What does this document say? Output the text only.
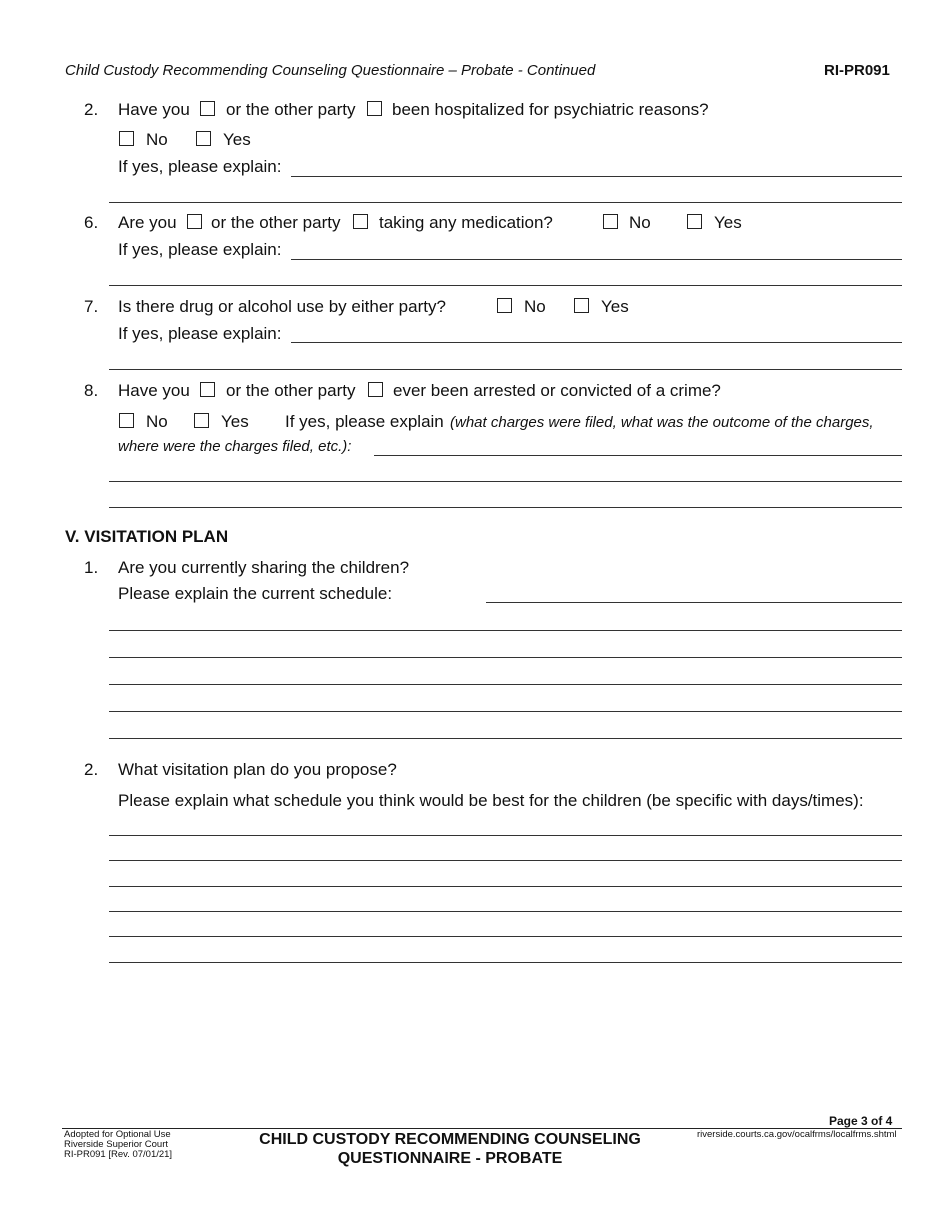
Child Custody Recommending Counseling Questionnaire – Probate - Continued	RI-PR091
2. Have you or the other party been hospitalized for psychiatric reasons?
No	Yes
If yes, please explain:
6. Are you or the other party taking any medication?	No	Yes
If yes, please explain:
7. Is there drug or alcohol use by either party?	No	Yes
If yes, please explain:
8. Have you or the other party ever been arrested or convicted of a crime?
No	Yes If yes, please explain (what charges were filed, what was the outcome of the charges,
where were the charges filed, etc.):
V. VISITATION PLAN
1. Are you currently sharing the children?
Please explain the current schedule:
2. What visitation plan do you propose?
Please explain what schedule you think would be best for the children (be specific with days/times):
Page 3 of 4
Adopted for Optional Use
Riverside Superior Court
RI-PR091 [Rev. 07/01/21]
CHILD CUSTODY RECOMMENDING COUNSELING
QUESTIONNAIRE - PROBATE
riverside.courts.ca.gov/ocalfrms/localfrms.shtml
